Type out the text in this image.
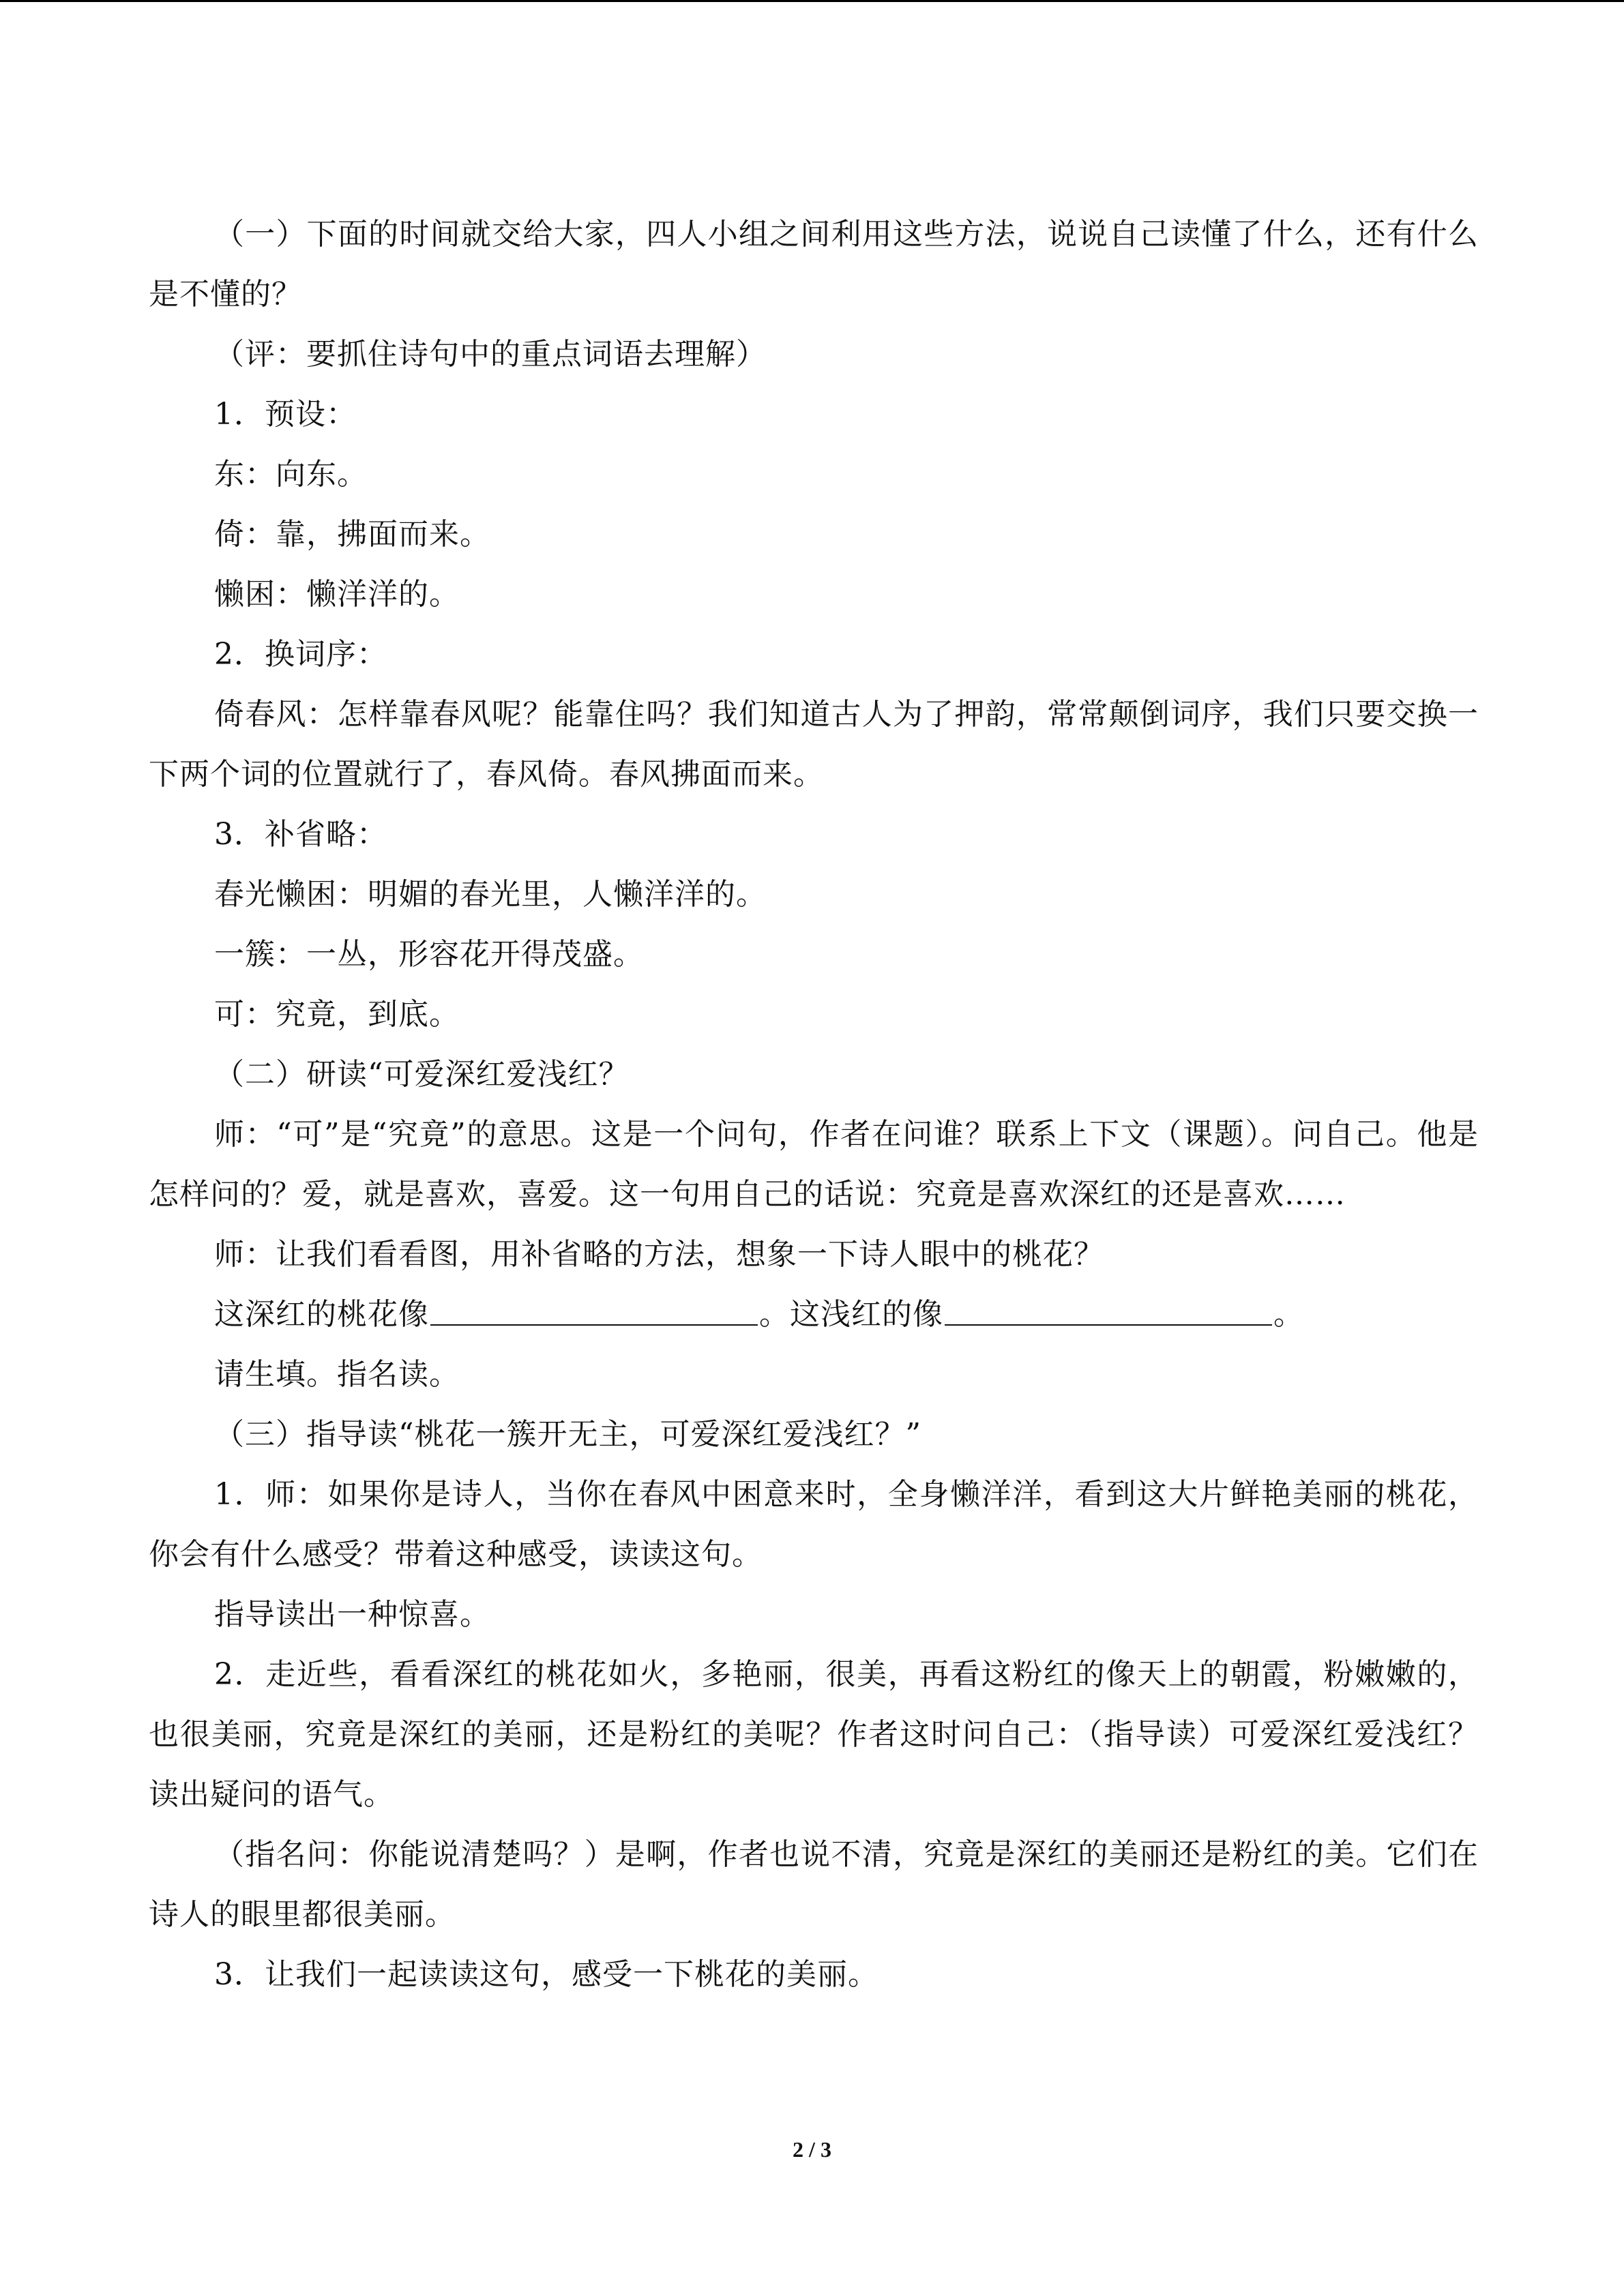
（一）下面的时间就交给大家，四人小组之间利用这些方法，说说自己读懂了什么，还有什么是不懂的？

（评：要抓住诗句中的重点词语去理解）

1．预设：

东：向东。

倚：靠，拂面而来。

懒困：懒洋洋的。

2．换词序：

倚春风：怎样靠春风呢？能靠住吗？我们知道古人为了押韵，常常颠倒词序，我们只要交换一下两个词的位置就行了，春风倚。春风拂面而来。

3．补省略：

春光懒困：明媚的春光里，人懒洋洋的。

一簇：一丛，形容花开得茂盛。

可：究竟，到底。

（二）研读“可爱深红爱浅红？

师：“可”是“究竟”的意思。这是一个问句，作者在问谁？联系上下文（课题）。问自己。他是怎样问的？爱，就是喜欢，喜爱。这一句用自己的话说：究竟是喜欢深红的还是喜欢……

师：让我们看看图，用补省略的方法，想象一下诗人眼中的桃花？

这深红的桃花像	。这浅红的像	。

请生填。指名读。

（三）指导读“桃花一簇开无主，可爱深红爱浅红？”

1．师：如果你是诗人，当你在春风中困意来时，全身懒洋洋，看到这大片鲜艳美丽的桃花，你会有什么感受？带着这种感受，读读这句。

指导读出一种惊喜。

2．走近些，看看深红的桃花如火，多艳丽，很美，再看这粉红的像天上的朝霞，粉嫩嫩的，也很美丽，究竟是深红的美丽，还是粉红的美呢？作者这时问自己：（指导读）可爱深红爱浅红？读出疑问的语气。

（指名问：你能说清楚吗？）是啊，作者也说不清，究竟是深红的美丽还是粉红的美。它们在诗人的眼里都很美丽。

3．让我们一起读读这句，感受一下桃花的美丽。

2 / 3
